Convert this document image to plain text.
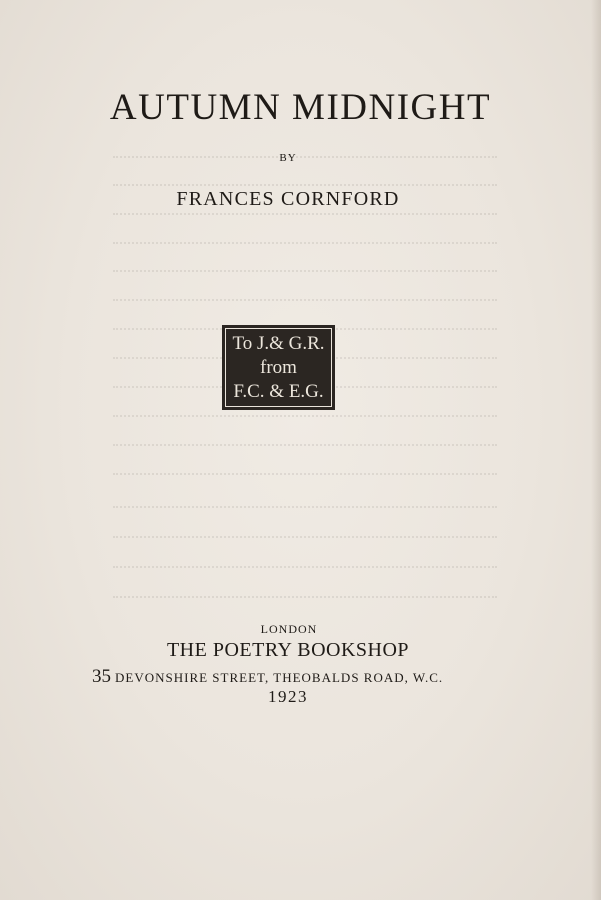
AUTUMN MIDNIGHT
BY
FRANCES CORNFORD
To J.& G.R.
from
F.C. & E.G.
LONDON
THE POETRY BOOKSHOP
35 DEVONSHIRE STREET, THEOBALDS ROAD, W.C.
1923
